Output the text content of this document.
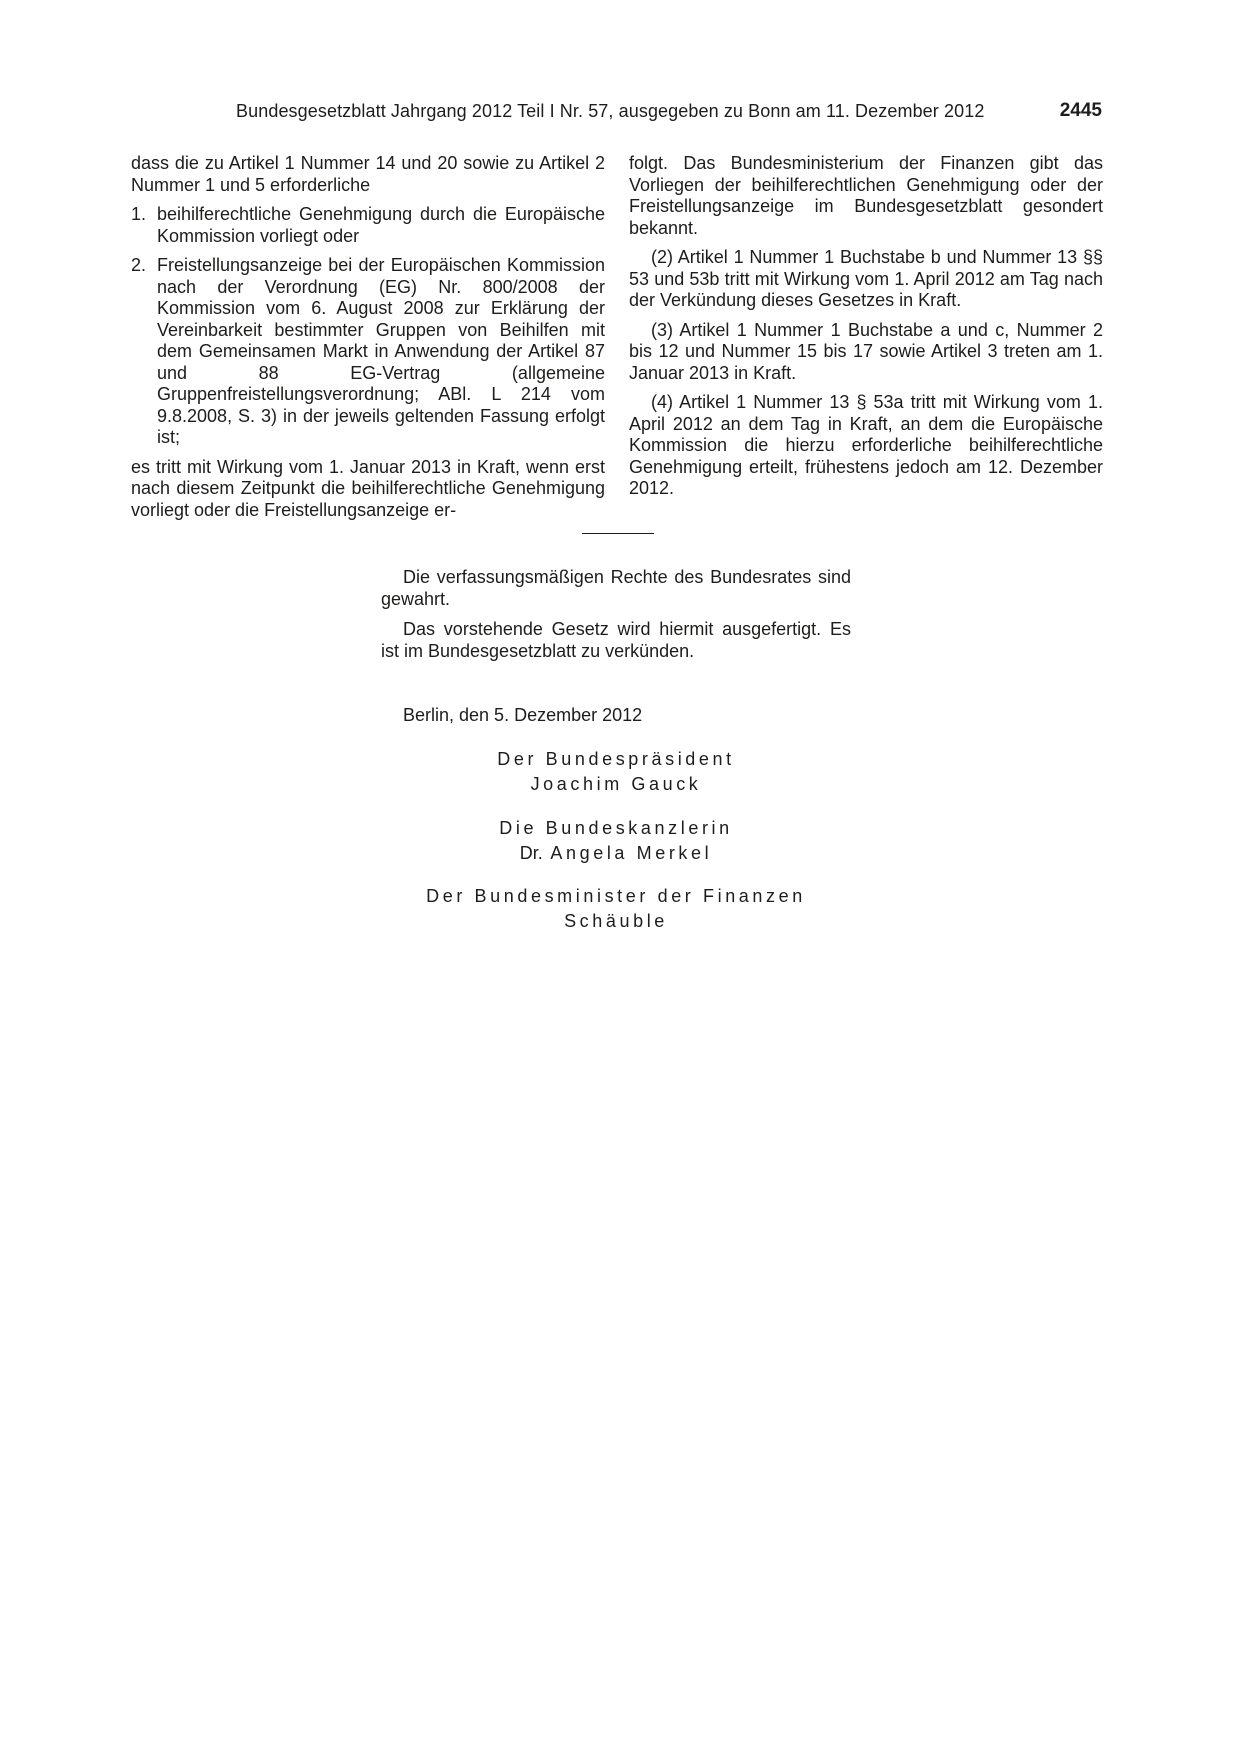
Bundesgesetzblatt Jahrgang 2012 Teil I Nr. 57, ausgegeben zu Bonn am 11. Dezember 2012	2445

dass die zu Artikel 1 Nummer 14 und 20 sowie zu Artikel 2 Nummer 1 und 5 erforderliche

1. beihilferechtliche Genehmigung durch die Europäische Kommission vorliegt oder
2. Freistellungsanzeige bei der Europäischen Kommission nach der Verordnung (EG) Nr. 800/2008 der Kommission vom 6. August 2008 zur Erklärung der Vereinbarkeit bestimmter Gruppen von Beihilfen mit dem Gemeinsamen Markt in Anwendung der Artikel 87 und 88 EG-Vertrag (allgemeine Gruppenfreistellungsverordnung; ABl. L 214 vom 9.8.2008, S. 3) in der jeweils geltenden Fassung erfolgt ist;

es tritt mit Wirkung vom 1. Januar 2013 in Kraft, wenn erst nach diesem Zeitpunkt die beihilferechtliche Genehmigung vorliegt oder die Freistellungsanzeige er-

folgt. Das Bundesministerium der Finanzen gibt das Vorliegen der beihilferechtlichen Genehmigung oder der Freistellungsanzeige im Bundesgesetzblatt gesondert bekannt.

(2) Artikel 1 Nummer 1 Buchstabe b und Nummer 13 §§ 53 und 53b tritt mit Wirkung vom 1. April 2012 am Tag nach der Verkündung dieses Gesetzes in Kraft.

(3) Artikel 1 Nummer 1 Buchstabe a und c, Nummer 2 bis 12 und Nummer 15 bis 17 sowie Artikel 3 treten am 1. Januar 2013 in Kraft.

(4) Artikel 1 Nummer 13 § 53a tritt mit Wirkung vom 1. April 2012 an dem Tag in Kraft, an dem die Europäische Kommission die hierzu erforderliche beihilferechtliche Genehmigung erteilt, frühestens jedoch am 12. Dezember 2012.

Die verfassungsmäßigen Rechte des Bundesrates sind gewahrt.

Das vorstehende Gesetz wird hiermit ausgefertigt. Es ist im Bundesgesetzblatt zu verkünden.

Berlin, den 5. Dezember 2012
Der Bundespräsident
Joachim Gauck
Die Bundeskanzlerin
Dr. Angela Merkel
Der Bundesminister der Finanzen
Schäuble
